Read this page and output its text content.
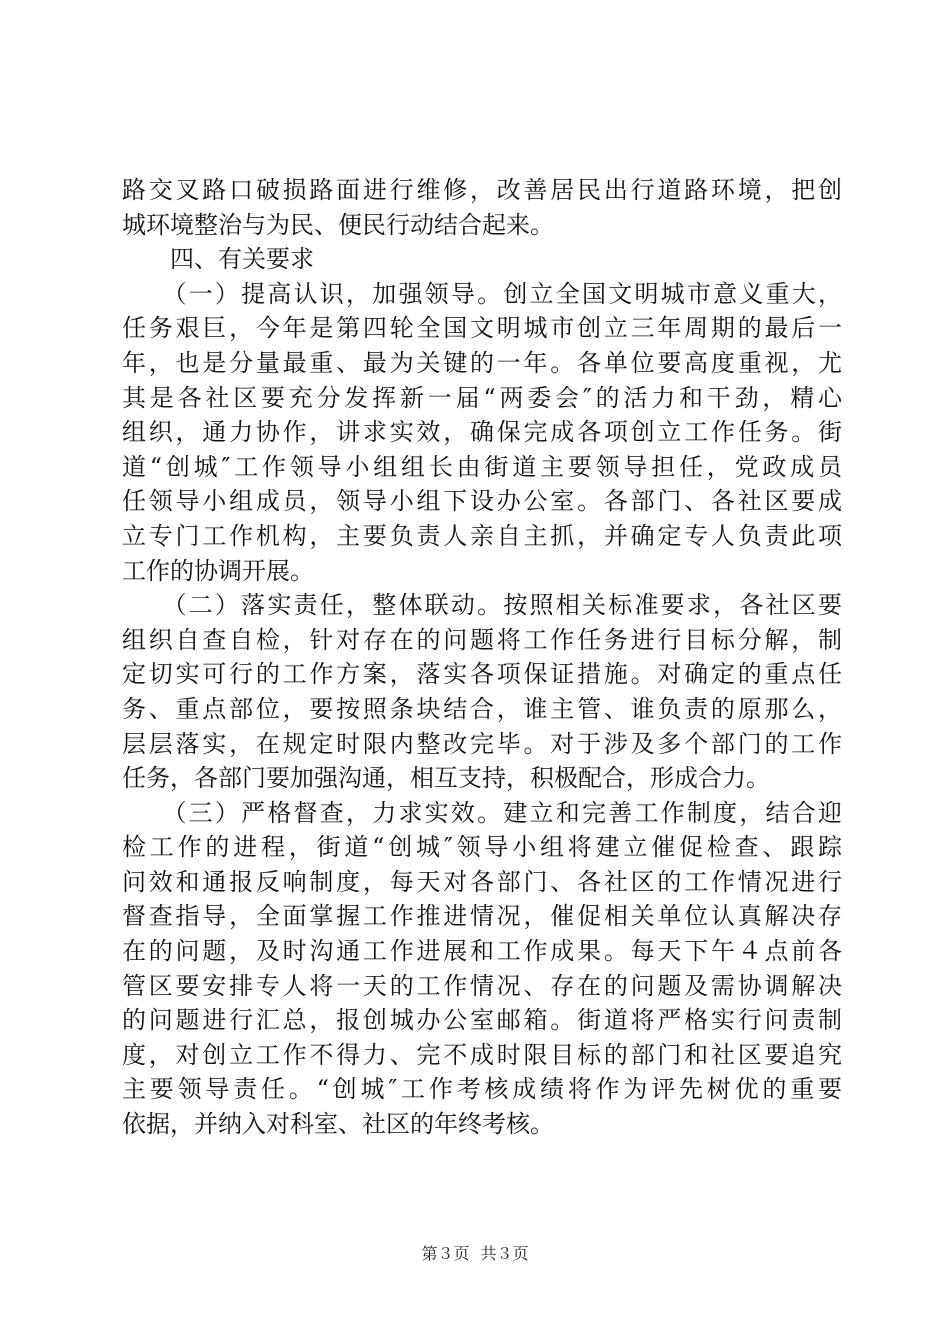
路交叉路口破损路面进行维修，改善居民出行道路环境，把创
城环境整治与为民、便民行动结合起来。
　　四、有关要求
　　（一）提高认识，加强领导。创立全国文明城市意义重大，
任务艰巨，今年是第四轮全国文明城市创立三年周期的最后一
年，也是分量最重、最为关键的一年。各单位要高度重视，尤
其是各社区要充分发挥新一届“两委会″的活力和干劲，精心
组织，通力协作，讲求实效，确保完成各项创立工作任务。街
道“创城″工作领导小组组长由街道主要领导担任，党政成员
任领导小组成员，领导小组下设办公室。各部门、各社区要成
立专门工作机构，主要负责人亲自主抓，并确定专人负责此项
工作的协调开展。
　　（二）落实责任，整体联动。按照相关标准要求，各社区要
组织自查自检，针对存在的问题将工作任务进行目标分解，制
定切实可行的工作方案，落实各项保证措施。对确定的重点任
务、重点部位，要按照条块结合，谁主管、谁负责的原那么，
层层落实，在规定时限内整改完毕。对于涉及多个部门的工作
任务，各部门要加强沟通，相互支持，积极配合，形成合力。
　　（三）严格督查，力求实效。建立和完善工作制度，结合迎
检工作的进程，街道“创城″领导小组将建立催促检查、跟踪
问效和通报反响制度，每天对各部门、各社区的工作情况进行
督查指导，全面掌握工作推进情况，催促相关单位认真解决存
在的问题，及时沟通工作进展和工作成果。每天下午４点前各
管区要安排专人将一天的工作情况、存在的问题及需协调解决
的问题进行汇总，报创城办公室邮箱。街道将严格实行问责制
度，对创立工作不得力、完不成时限目标的部门和社区要追究
主要领导责任。“创城″工作考核成绩将作为评先树优的重要
依据，并纳入对科室、社区的年终考核。
第３页 共３页
